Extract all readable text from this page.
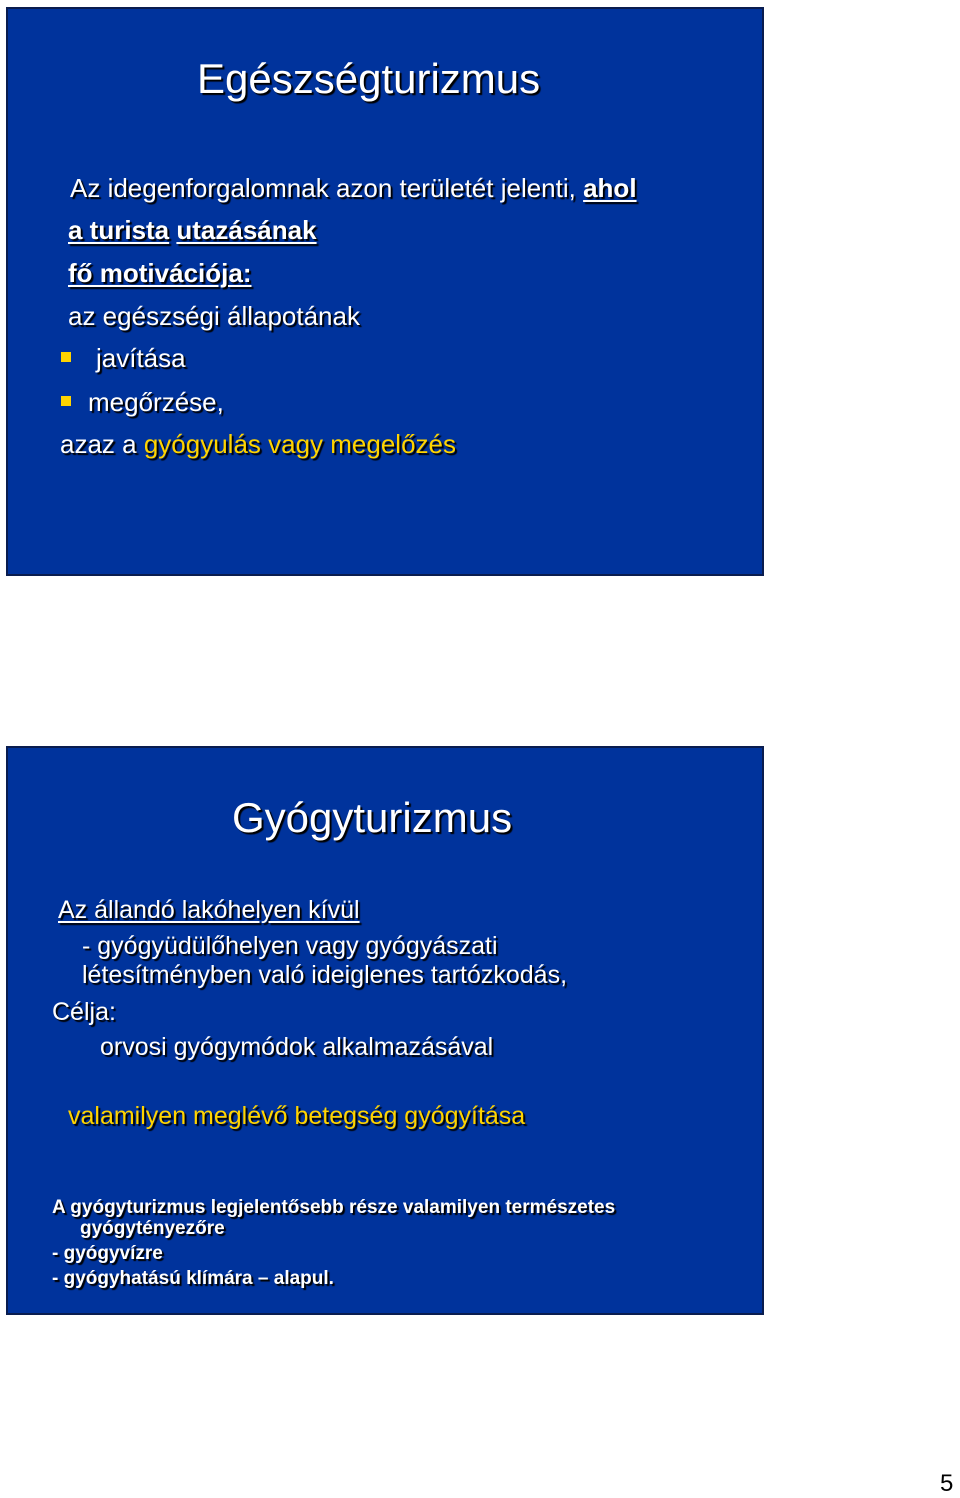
Egészségturizmus
Az idegenforgalomnak azon területét jelenti, ahol
a turista utazásának
fő motivációja:
az egészségi állapotának
javítása
megőrzése,
azaz a gyógyulás vagy megelőzés
Gyógyturizmus
Az állandó lakóhelyen kívül
- gyógyüdülőhelyen vagy gyógyászati
létesítményben való ideiglenes tartózkodás,
Célja:
orvosi gyógymódok alkalmazásával
valamilyen meglévő betegség gyógyítása
A gyógyturizmus legjelentősebb része valamilyen természetes
gyógytényezőre
- gyógyvízre
- gyógyhatású klímára – alapul.
5
